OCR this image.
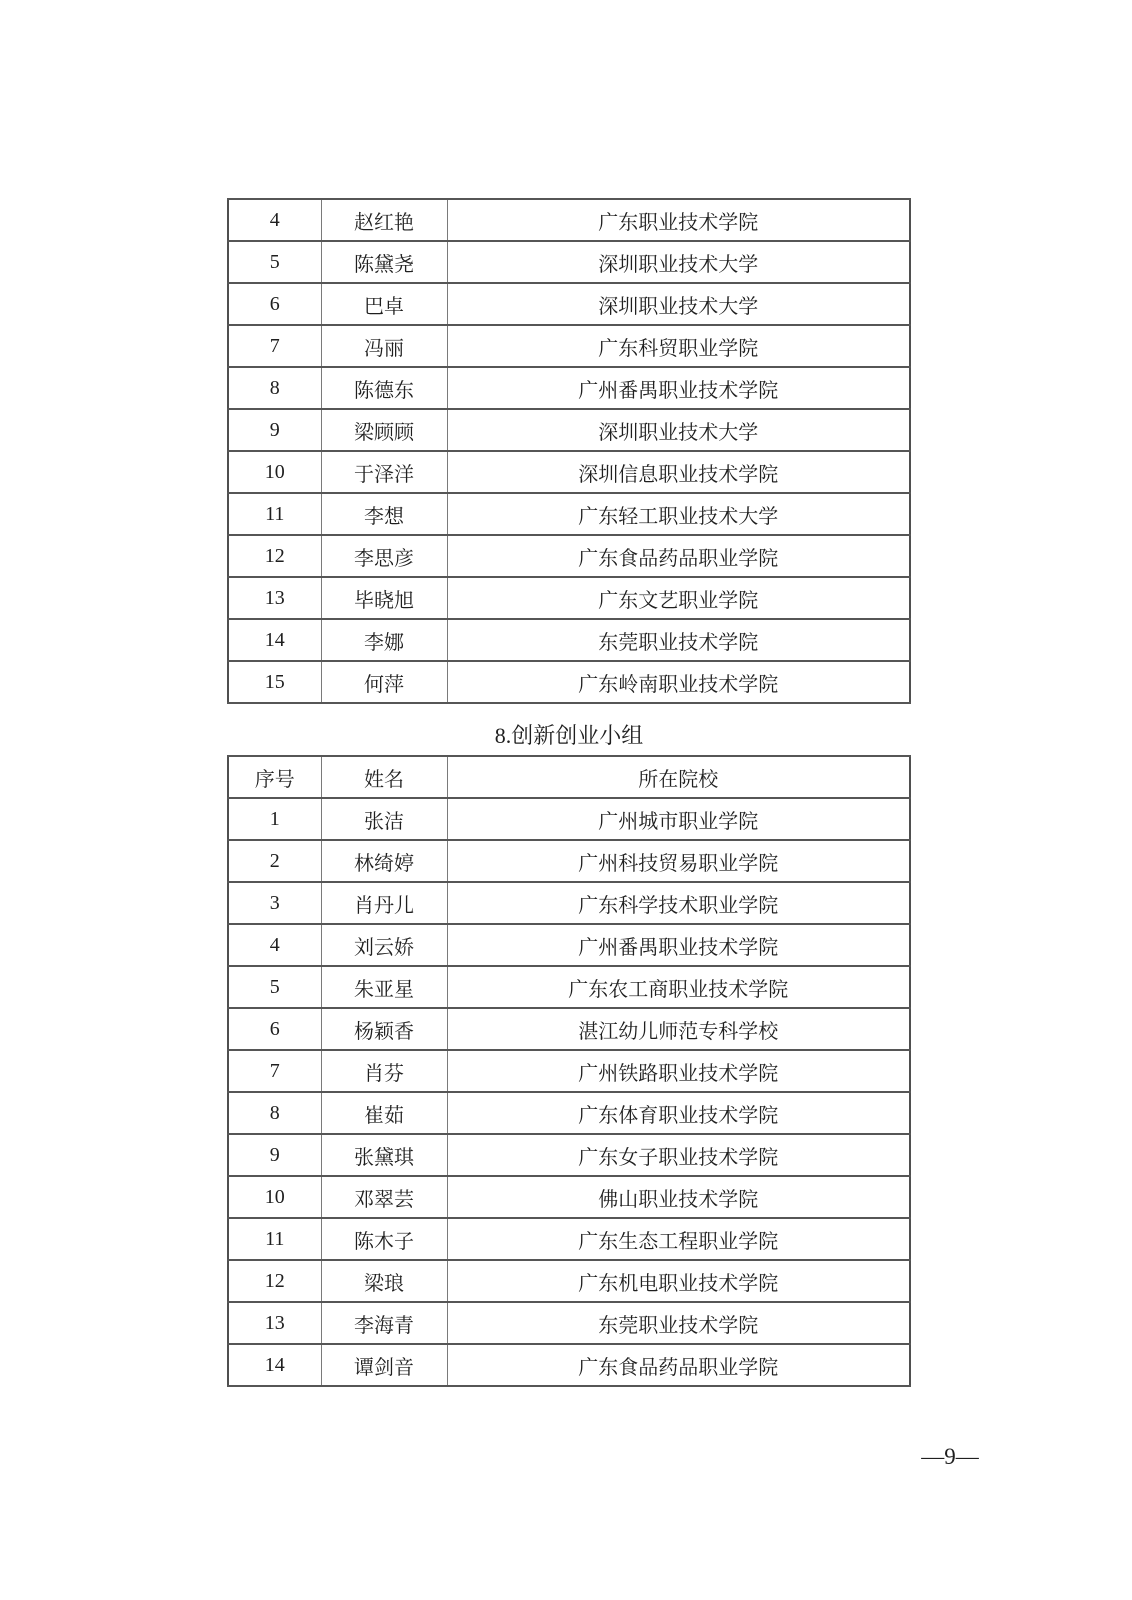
4	赵红艳	广东职业技术学院
5	陈黛尧	深圳职业技术大学
6	巴卓	深圳职业技术大学
7	冯丽	广东科贸职业学院
8	陈德东	广州番禺职业技术学院
9	梁顾顾	深圳职业技术大学
10	于泽洋	深圳信息职业技术学院
11	李想	广东轻工职业技术大学
12	李思彦	广东食品药品职业学院
13	毕晓旭	广东文艺职业学院
14	李娜	东莞职业技术学院
15	何萍	广东岭南职业技术学院
8.创新创业小组
序号	姓名	所在院校
1	张洁	广州城市职业学院
2	林绮婷	广州科技贸易职业学院
3	肖丹儿	广东科学技术职业学院
4	刘云娇	广州番禺职业技术学院
5	朱亚星	广东农工商职业技术学院
6	杨颖香	湛江幼儿师范专科学校
7	肖芬	广州铁路职业技术学院
8	崔茹	广东体育职业技术学院
9	张黛琪	广东女子职业技术学院
10	邓翠芸	佛山职业技术学院
11	陈木子	广东生态工程职业学院
12	梁琅	广东机电职业技术学院
13	李海青	东莞职业技术学院
14	谭剑音	广东食品药品职业学院
—9—
